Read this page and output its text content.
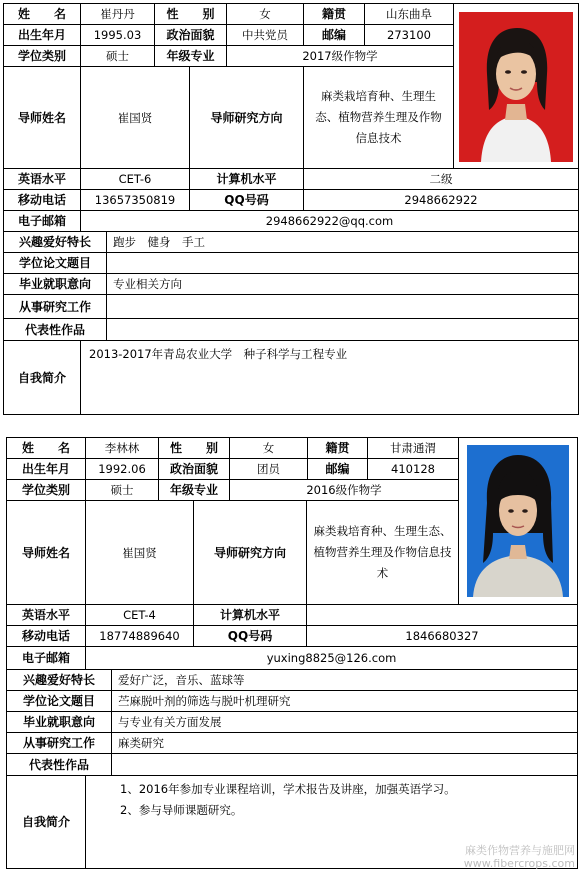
姓　　名	崔丹丹	性　　别	女	籍贯	山东曲阜
出生年月	1995.03	政治面貌	中共党员	邮编	273100
学位类别	硕士	年级专业	2017级作物学
导师姓名	崔国贤	导师研究方向
麻类栽培育种、生理生态、植物营养生理及作物信息技术
英语水平	CET-6	计算机水平	二级
移动电话	13657350819	QQ号码	2948662922
电子邮箱	2948662922@qq.com
兴趣爱好特长	跑步　健身　手工
学位论文题目
毕业就职意向	专业相关方向
从事研究工作
代表性作品
自我简介
2013-2017年青岛农业大学　种子科学与工程专业
姓　　名	李林林	性　　别	女	籍贯	甘肃通渭
出生年月	1992.06	政治面貌	团员	邮编	410128
学位类别	硕士	年级专业	2016级作物学
导师姓名	崔国贤	导师研究方向
麻类栽培育种、生理生态、植物营养生理及作物信息技术
英语水平	CET-4	计算机水平
移动电话	18774889640	QQ号码	1846680327
电子邮箱	yuxing8825@126.com
兴趣爱好特长	爱好广泛，音乐、蓝球等
学位论文题目	苎麻脱叶剂的筛选与脱叶机理研究
毕业就职意向	与专业有关方面发展
从事研究工作	麻类研究
代表性作品
自我简介
1、2016年参加专业课程培训，学术报告及讲座，加强英语学习。
2、参与导师课题研究。
麻类作物营养与施肥网
www.fibercrops.com
